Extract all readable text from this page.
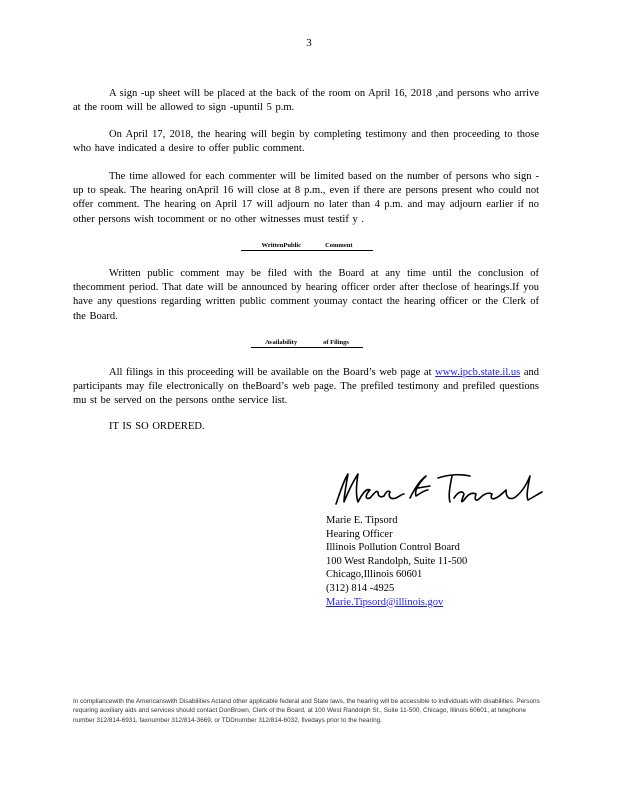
3

A sign -up sheet will be placed at the back of the room on April 16, 2018 ,and persons who arrive at the room will be allowed to sign -upuntil 5 p.m.

On April 17, 2018, the hearing will begin by completing testimony and then proceeding to those who have indicated a desire to offer public comment.

The time allowed for each commenter will be limited based on the number of persons who sign -up to speak. The hearing onApril 16 will close at 8 p.m., even if there are persons present who could not offer comment. The hearing on April 17 will adjourn no later than 4 p.m. and may adjourn earlier if no other persons wish tocomment or no other witnesses must testif y .

WrittenPublic	Comment

Written public comment may be filed with the Board at any time until the conclusion of thecomment period. That date will be announced by hearing officer order after theclose of hearings.If you have any questions regarding written public comment youmay contact the hearing officer or the Clerk of the Board.

Availability	of Filings

All filings in this proceeding will be available on the Board’s web page at www.ipcb.state.il.us and participants may file electronically on theBoard’s web page. The prefiled testimony and prefiled questions mu st be served on the persons onthe service list.

IT IS SO ORDERED.

Marie E. Tipsord
Hearing Officer
Illinois Pollution Control Board
100 West Randolph, Suite 11-500
Chicago,Illinois 60601
(312) 814 -4925
Marie.Tipsord@illinois.gov

In compliancewith the Americanswith Disabilities Actand other applicable federal and State laws, the hearing will be accessible to individuals with disabilities. Persons requiring auxiliary aids and services should contact DonBrown, Clerk of the Board, at 100 West Randolph St., Suite 11-500, Chicago, Illinois 60601, at telephone number 312/814-6931, faxnumber 312/814-3669, or TDDnumber 312/814-6032, fivedays prior to the hearing.
